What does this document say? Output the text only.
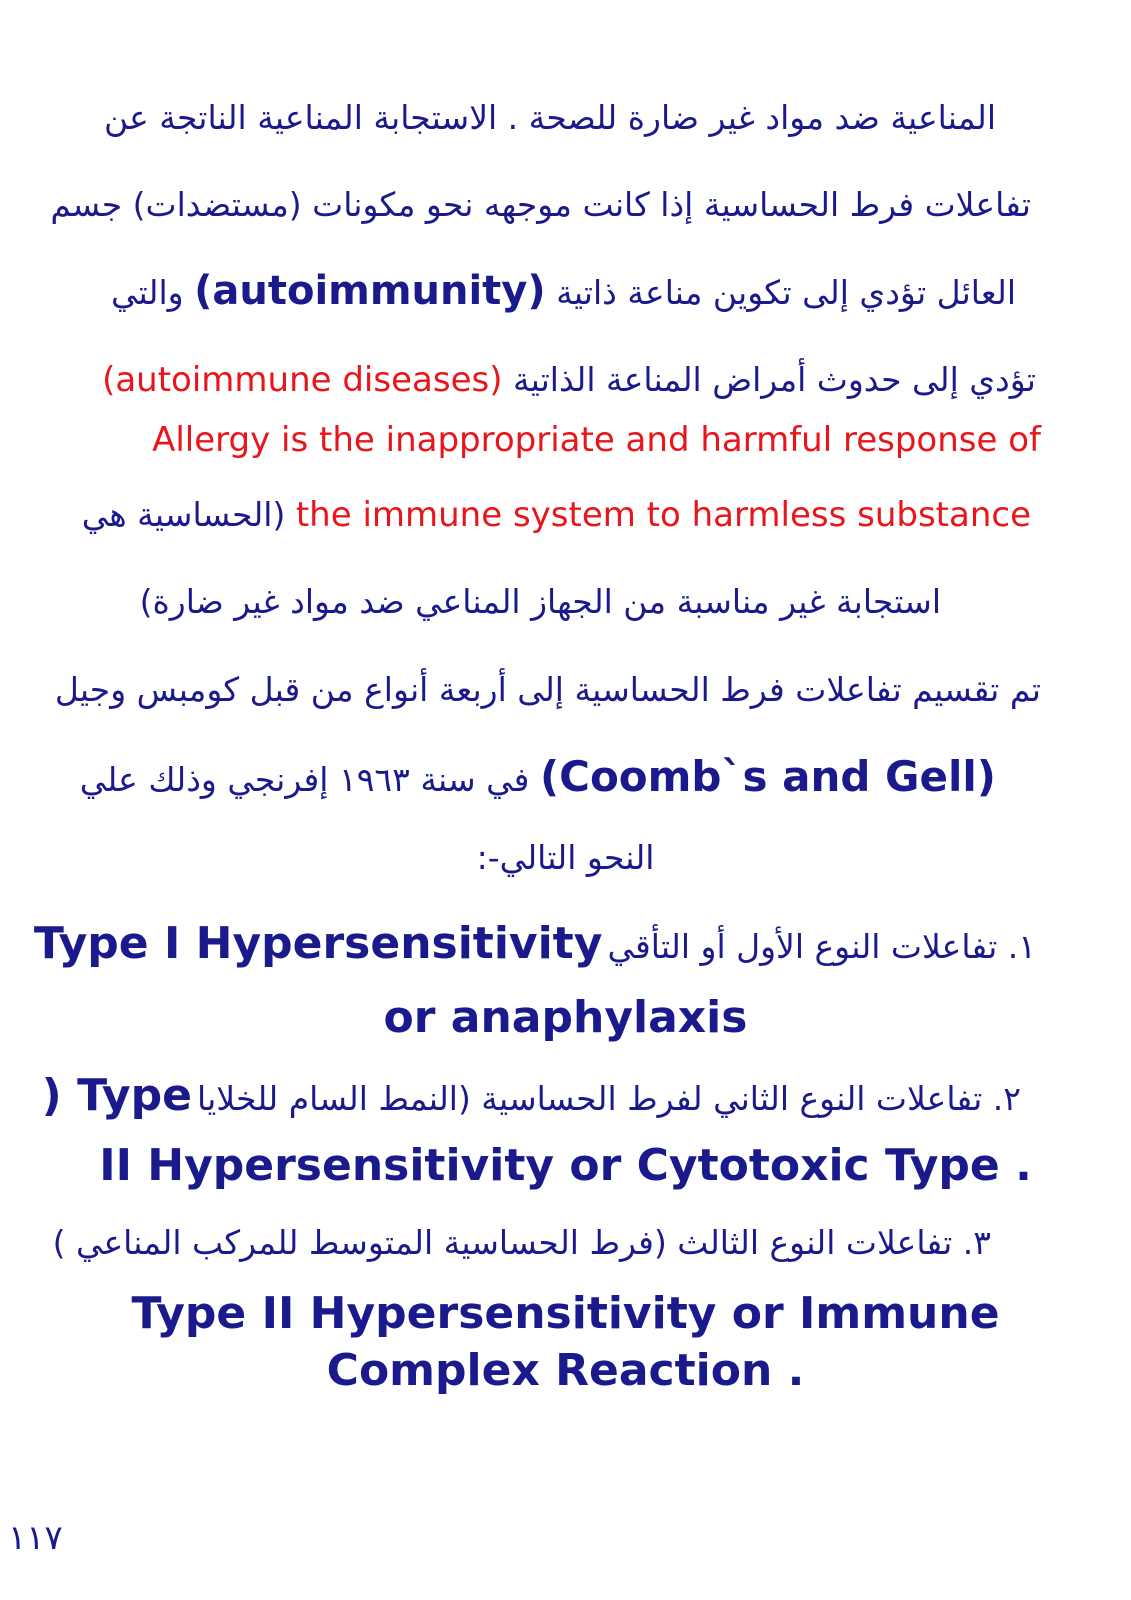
المناعية ضد مواد غير ضارة للصحة . الاستجابة المناعية الناتجة عن
تفاعلات فرط الحساسية إذا كانت موجهه نحو مكونات (مستضدات) جسم
العائل تؤدي إلى تكوين مناعة ذاتية (autoimmunity) والتي
تؤدي إلى حدوث أمراض المناعة الذاتية (autoimmune diseases)
Allergy is the inappropriate and harmful response of
the immune system to harmless substance (الحساسية هي
استجابة غير مناسبة من الجهاز المناعي ضد مواد غير ضارة)
تم تقسيم تفاعلات فرط الحساسية إلى أربعة أنواع من قبل كومبس وجيل
(Coomb`s and Gell) في سنة ١٩٦٣ إفرنجي وذلك علي
النحو التالي-:
١. تفاعلات النوع الأول أو التأقي Type I Hypersensitivity
or anaphylaxis
٢. تفاعلات النوع الثاني لفرط الحساسية (النمط السام للخلايا ) Type
II Hypersensitivity or Cytotoxic Type .
٣. تفاعلات النوع الثالث (فرط الحساسية المتوسط للمركب المناعي )
Type II Hypersensitivity or Immune
Complex Reaction .
١١٧
